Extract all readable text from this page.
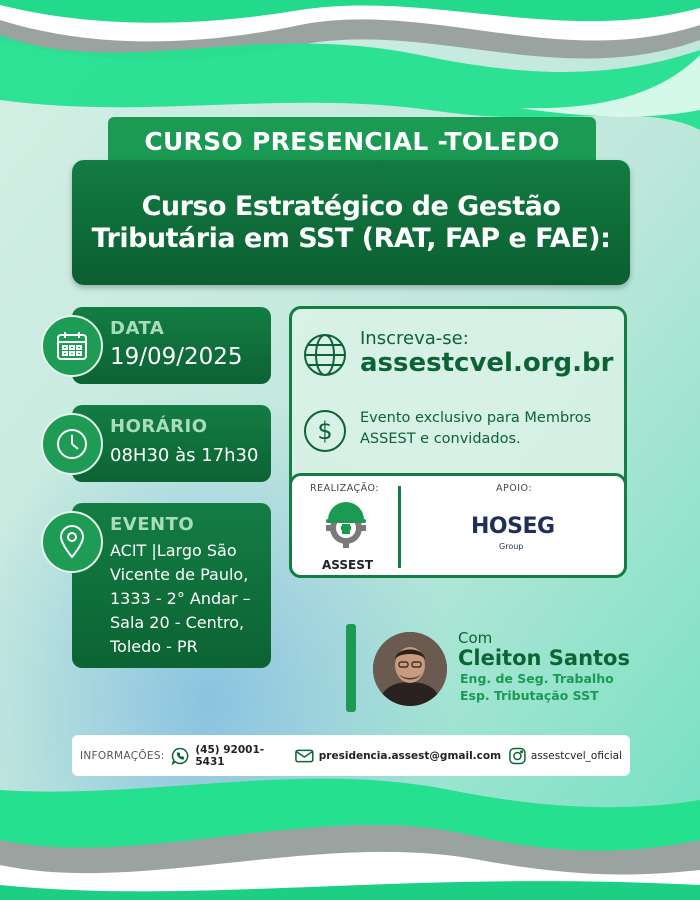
CURSO PRESENCIAL -TOLEDO
Curso Estratégico de Gestão
Tributária em SST (RAT, FAP e FAE):
DATA
19/09/2025
HORÁRIO
08H30 às 17h30
EVENTO
ACIT |Largo São
Vicente de Paulo,
1333 - 2° Andar –
Sala 20 - Centro,
Toledo - PR
Inscreva-se:
assestcvel.org.br
$ Evento exclusivo para Membros
ASSEST e convidados.
REALIZAÇÃO:
ASSEST
APOIO:
HOSEG
Group
Com
Cleiton Santos
Eng. de Seg. Trabalho
Esp. Tributação SST
INFORMAÇÕES:	(45) 92001-5431	presidencia.assest@gmail.com	assestcvel_oficial
